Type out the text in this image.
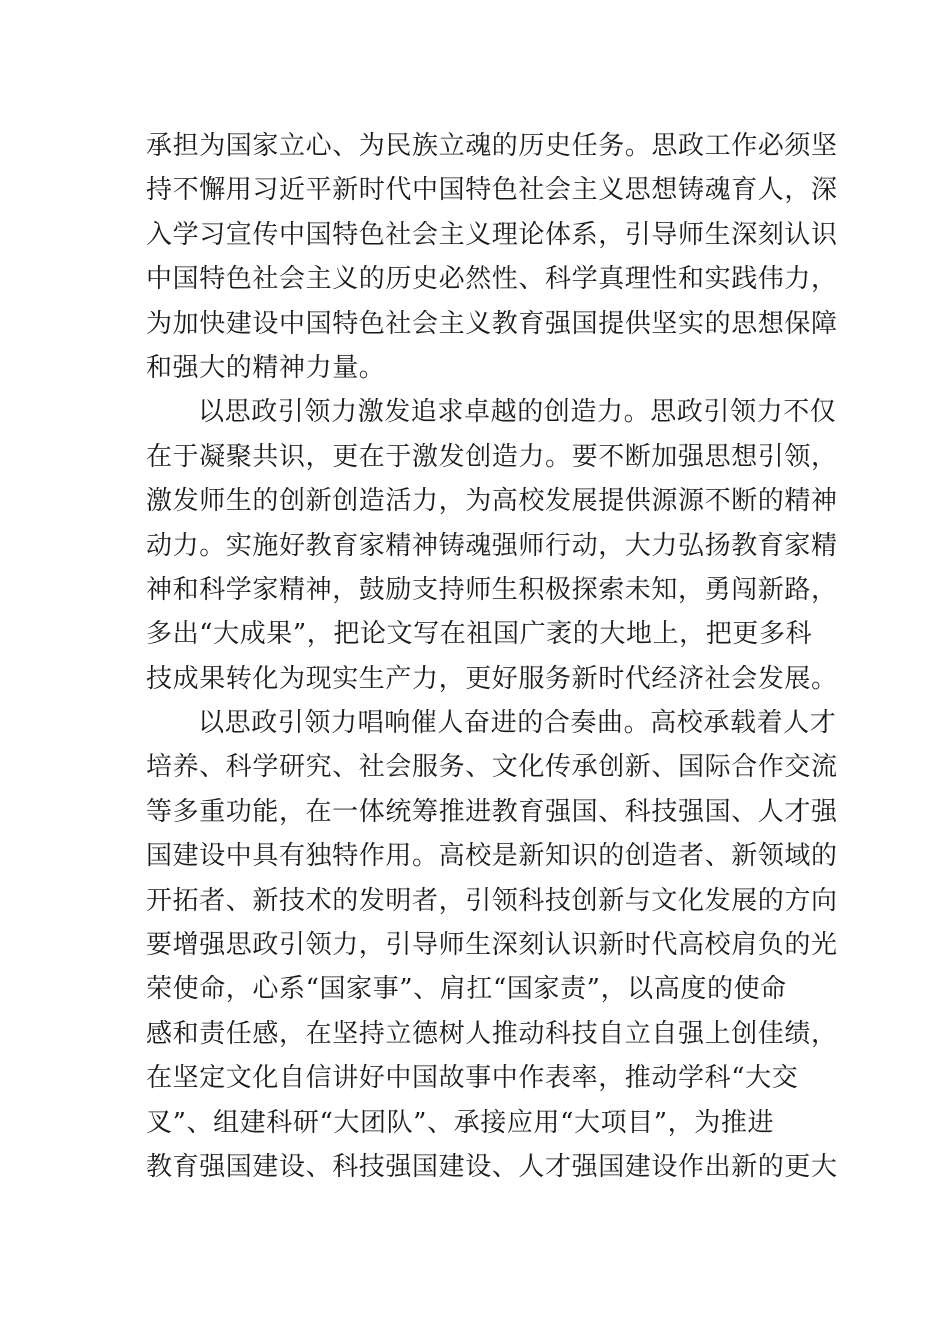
承担为国家立心、为民族立魂的历史任务。思政工作必须坚
持不懈用习近平新时代中国特色社会主义思想铸魂育人，深
入学习宣传中国特色社会主义理论体系，引导师生深刻认识
中国特色社会主义的历史必然性、科学真理性和实践伟力，
为加快建设中国特色社会主义教育强国提供坚实的思想保障
和强大的精神力量。
以思政引领力激发追求卓越的创造力。思政引领力不仅
在于凝聚共识，更在于激发创造力。要不断加强思想引领，
激发师生的创新创造活力，为高校发展提供源源不断的精神
动力。实施好教育家精神铸魂强师行动，大力弘扬教育家精
神和科学家精神，鼓励支持师生积极探索未知，勇闯新路，
多出“大成果”，把论文写在祖国广袤的大地上，把更多科
技成果转化为现实生产力，更好服务新时代经济社会发展。
以思政引领力唱响催人奋进的合奏曲。高校承载着人才
培养、科学研究、社会服务、文化传承创新、国际合作交流
等多重功能，在一体统筹推进教育强国、科技强国、人才强
国建设中具有独特作用。高校是新知识的创造者、新领域的
开拓者、新技术的发明者，引领科技创新与文化发展的方向
要增强思政引领力，引导师生深刻认识新时代高校肩负的光
荣使命，心系“国家事”、肩扛“国家责”，以高度的使命
感和责任感，在坚持立德树人推动科技自立自强上创佳绩，
在坚定文化自信讲好中国故事中作表率，推动学科“大交
叉”、组建科研“大团队”、承接应用“大项目”，为推进
教育强国建设、科技强国建设、人才强国建设作出新的更大
